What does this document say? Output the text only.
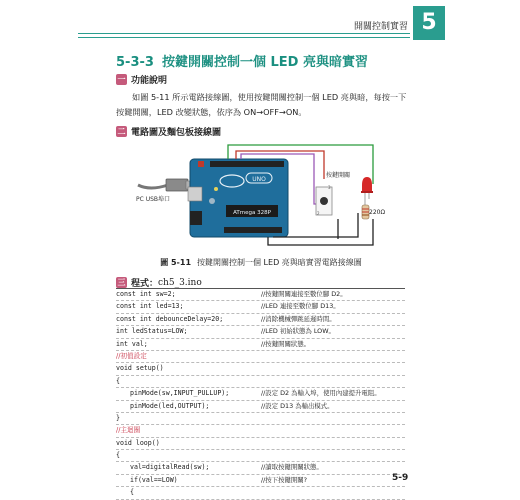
開關控制實習 5
5-3-3 按鍵開關控制一個 LED 亮與暗實習
一 功能說明
如圖 5-11 所示電路接線圖，使用按鍵開關控制一個 LED 亮與暗，每按一下按鍵開關，LED 改變狀態，依序為 ON→OFF→ON。
二 電路圖及麵包板接線圖
UNO
ATmega 328P
3
2
按鍵開關
220Ω
PC USB埠口
圖 5-11 按鍵開關控制一個 LED 亮與暗實習電路接線圖
三 程式： ch5_3.ino
const int sw=2;	//按鍵開關連接至數位腳 D2。
const int led=13;	//LED 連接至數位腳 D13。
const int debounceDelay=20;	//消除機械彈跳延遲時間。
int ledStatus=LOW;	//LED 初始狀態為 LOW。
int val;	//按鍵開關狀態。
//初值設定
void setup()
{
pinMode(sw,INPUT_PULLUP);	//設定 D2 為輸入埠，使用內建提升電阻。
pinMode(led,OUTPUT);	//設定 D13 為輸出模式。
}
//主迴圈
void loop()
{
val=digitalRead(sw);	//讀取按鍵開關狀態。
if(val==LOW)	//按下按鍵開關?
{
5-9
